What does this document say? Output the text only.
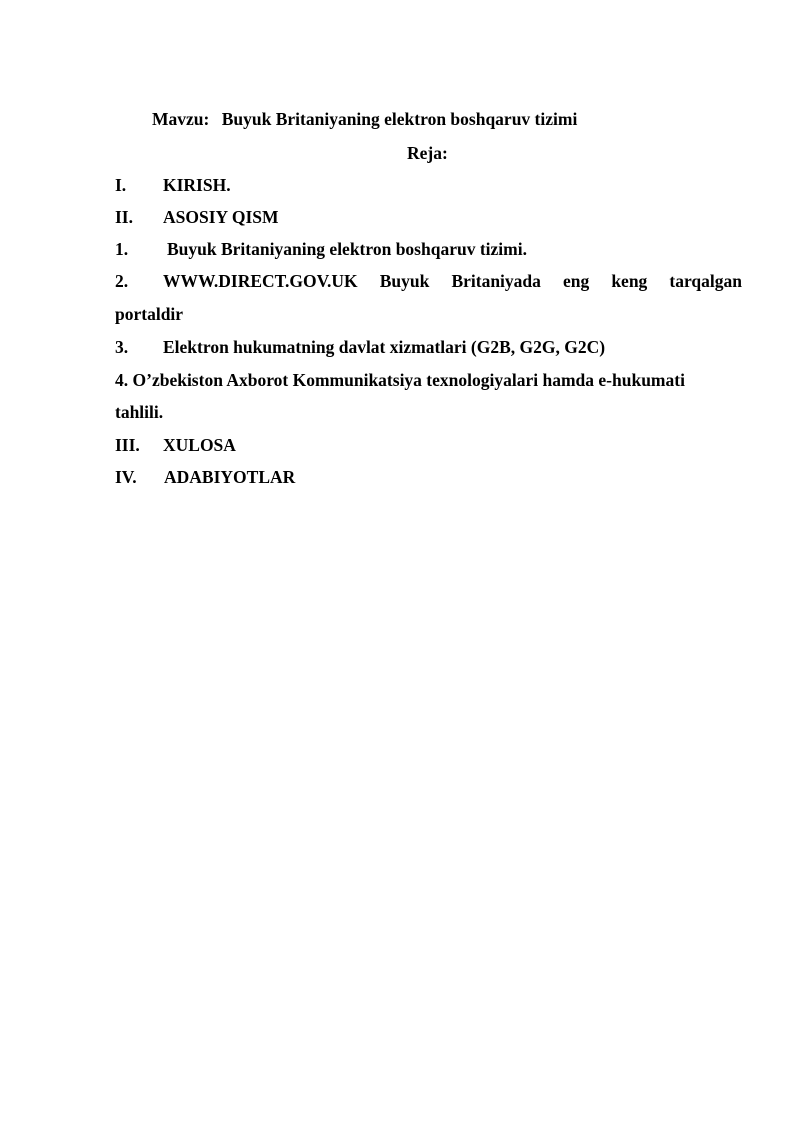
Mavzu: Buyuk Britaniyaning elektron boshqaruv tizimi
Reja:
I. KIRISH.
II. ASOSIY QISM
1. Buyuk Britaniyaning elektron boshqaruv tizimi.
2. WWW.DIRECT.GOV.UK Buyuk Britaniyada eng keng tarqalgan
portaldir
3. Elektron hukumatning davlat xizmatlari (G2B, G2G, G2C)
4. O’zbekiston Axborot Kommunikatsiya texnologiyalari hamda e-hukumati
tahlili.
III. XULOSA
IV. ADABIYOTLAR
